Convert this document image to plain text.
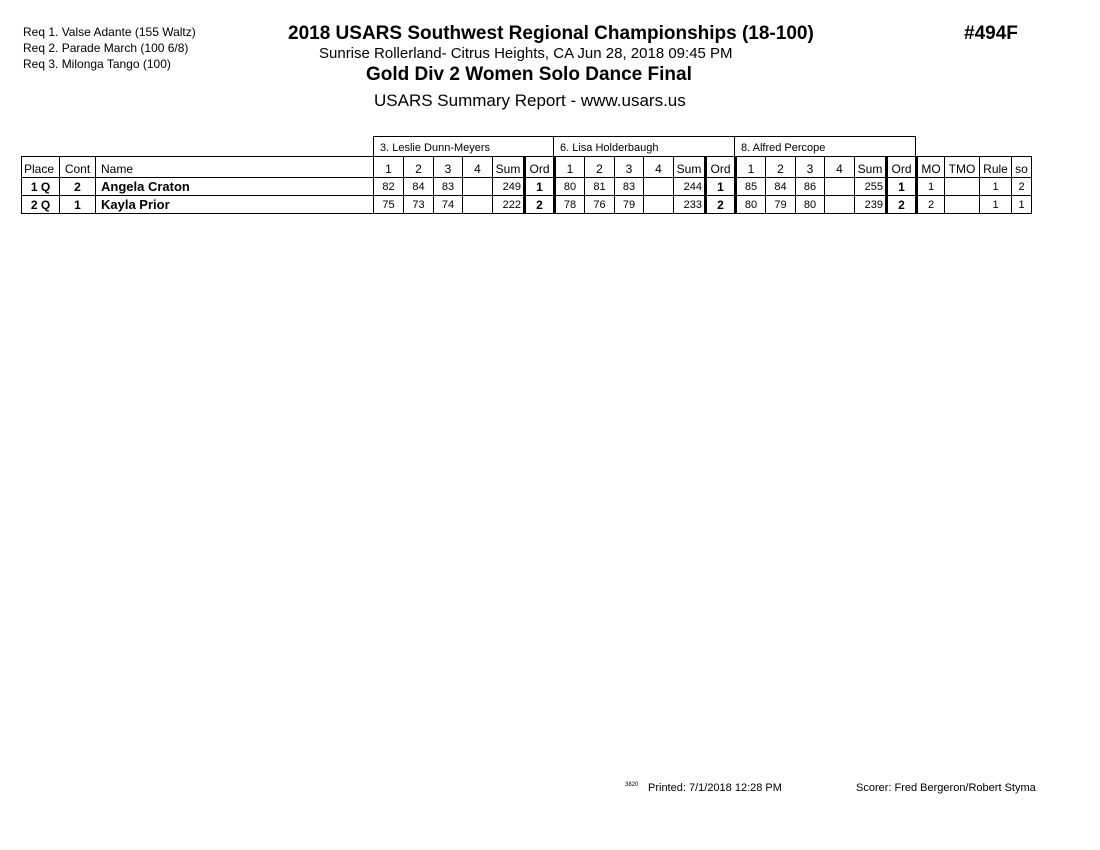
Req 1. Valse Adante (155 Waltz)
Req 2. Parade March (100 6/8)
Req 3. Milonga Tango (100)
2018 USARS Southwest Regional Championships (18-100)
Sunrise Rollerland- Citrus Heights, CA Jun 28, 2018 09:45 PM
Gold Div 2 Women Solo Dance Final
USARS Summary Report - www.usars.us
#494F
3. Leslie Dunn-Meyers	6. Lisa Holderbaugh	8. Alfred Percope
Place	Cont	Name	1	2	3	4	Sum	Ord	1	2	3	4	Sum	Ord	1	2	3	4	Sum	Ord	MO	TMO	Rule	so
1 Q	2	Angela Craton	82	84	83		249	1	80	81	83		244	1	85	84	86		255	1	1		1	2
2 Q	1	Kayla Prior	75	73	74		222	2	78	76	79		233	2	80	79	80		239	2	2		1	1
3820 Printed: 7/1/2018 12:28 PM	Scorer: Fred Bergeron/Robert Styma
